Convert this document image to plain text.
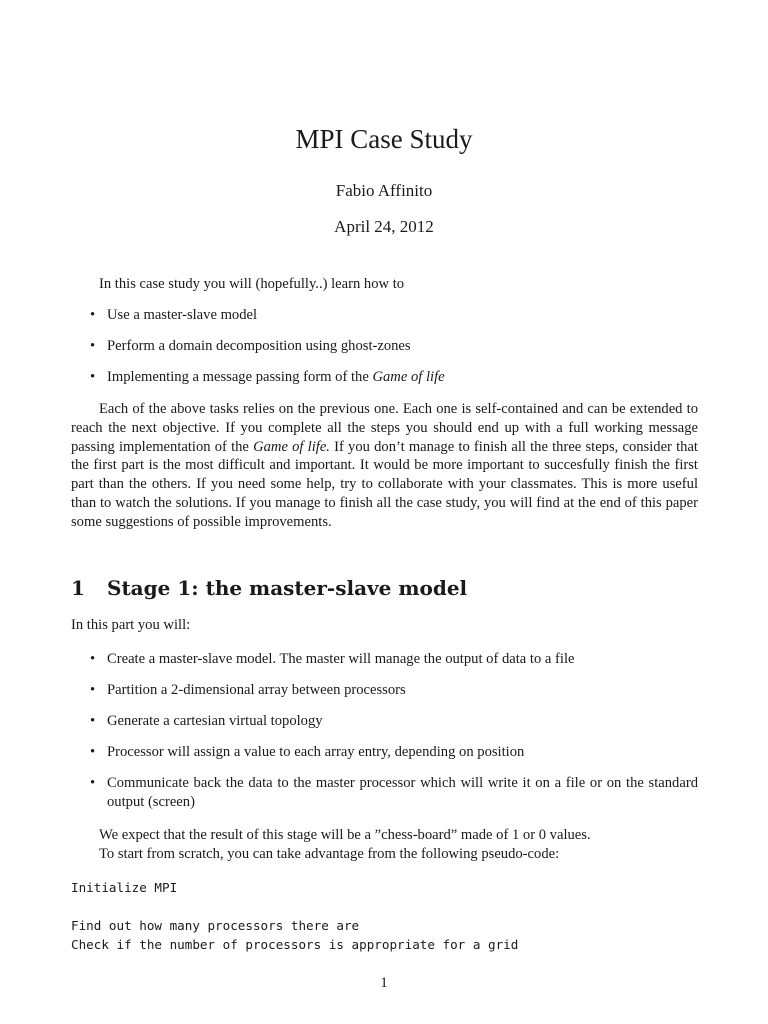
MPI Case Study
Fabio Affinito
April 24, 2012
In this case study you will (hopefully..) learn how to
• Use a master-slave model
• Perform a domain decomposition using ghost-zones
• Implementing a message passing form of the Game of life
Each of the above tasks relies on the previous one. Each one is self-contained and can be extended to reach the next objective. If you complete all the steps you should end up with a full working message passing implementation of the Game of life. If you don’t manage to finish all the three steps, consider that the first part is the most difficult and important. It would be more important to succesfully finish the first part than the others. If you need some help, try to collaborate with your classmates. This is more useful than to watch the solutions. If you manage to finish all the case study, you will find at the end of this paper some suggestions of possible improvements.
1 Stage 1: the master-slave model
In this part you will:
• Create a master-slave model. The master will manage the output of data to a file
• Partition a 2-dimensional array between processors
• Generate a cartesian virtual topology
• Processor will assign a value to each array entry, depending on position
• Communicate back the data to the master processor which will write it on a file or on the standard output (screen)
We expect that the result of this stage will be a ”chess-board” made of 1 or 0 values.
To start from scratch, you can take advantage from the following pseudo-code:
Initialize MPI
Find out how many processors there are
Check if the number of processors is appropriate for a grid
1
